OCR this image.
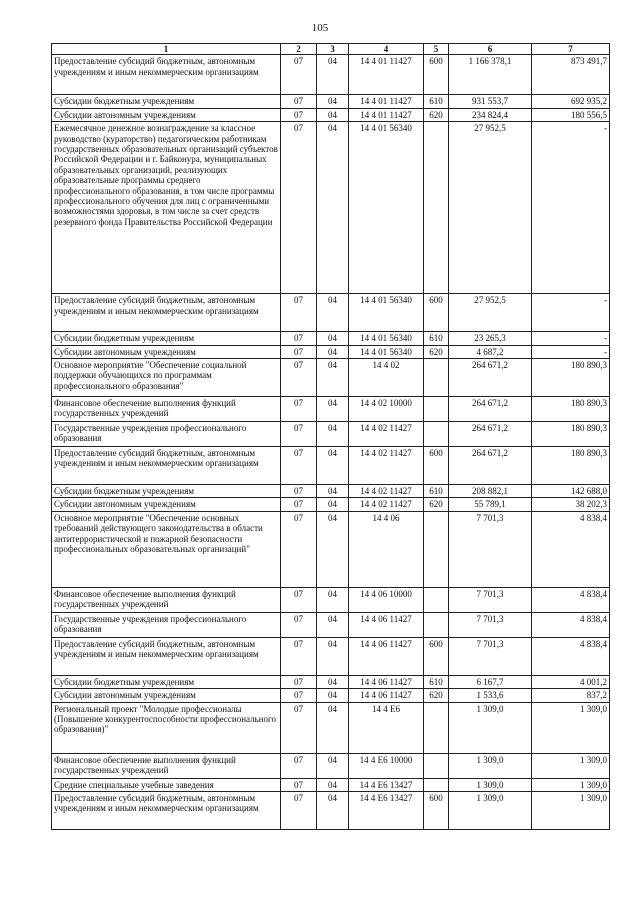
105
1	2	3	4	5	6	7
Предоставление субсидий бюджетным, автономным учреждениям и иным некоммерческим организациям	07	04	14 4 01 11427	600	1 166 378,1	873 491,7
Субсидии бюджетным учреждениям	07	04	14 4 01 11427	610	931 553,7	692 935,2
Субсидии автономным учреждениям	07	04	14 4 01 11427	620	234 824,4	180 556,5
Ежемесячное денежное вознаграждение за классное руководство (кураторство) педагогическим работникам государственных образовательных организаций субъектов Российской Федерации и г. Байконура, муниципальных образовательных организаций, реализующих образовательные программы среднего профессионального образования, в том числе программы профессионального обучения для лиц с ограниченными возможностями здоровья, в том числе за счет средств резервного фонда Правительства Российской Федерации	07	04	14 4 01 56340		27 952,5	-
Предоставление субсидий бюджетным, автономным учреждениям и иным некоммерческим организациям	07	04	14 4 01 56340	600	27 952,5	-
Субсидии бюджетным учреждениям	07	04	14 4 01 56340	610	23 265,3	-
Субсидии автономным учреждениям	07	04	14 4 01 56340	620	4 687,2	-
Основное мероприятие "Обеспечение социальной поддержки обучающихся по программам профессионального образования"	07	04	14 4 02		264 671,2	180 890,3
Финансовое обеспечение выполнения функций государственных учреждений	07	04	14 4 02 10000		264 671,2	180 890,3
Государственные учреждения профессионального образования	07	04	14 4 02 11427		264 671,2	180 890,3
Предоставление субсидий бюджетным, автономным учреждениям и иным некоммерческим организациям	07	04	14 4 02 11427	600	264 671,2	180 890,3
Субсидии бюджетным учреждениям	07	04	14 4 02 11427	610	208 882,1	142 688,0
Субсидии автономным учреждениям	07	04	14 4 02 11427	620	55 789,1	38 202,3
Основное мероприятие "Обеспечение основных требований действующего законодательства в области антитеррористической и пожарной безопасности профессиональных образовательных организаций"	07	04	14 4 06		7 701,3	4 838,4
Финансовое обеспечение выполнения функций государственных учреждений	07	04	14 4 06 10000		7 701,3	4 838,4
Государственные учреждения профессионального образования	07	04	14 4 06 11427		7 701,3	4 838,4
Предоставление субсидий бюджетным, автономным учреждениям и иным некоммерческим организациям	07	04	14 4 06 11427	600	7 701,3	4 838,4
Субсидии бюджетным учреждениям	07	04	14 4 06 11427	610	6 167,7	4 001,2
Субсидии автономным учреждениям	07	04	14 4 06 11427	620	1 533,6	837,2
Региональный проект "Молодые профессионалы (Повышение конкурентоспособности профессионального образования)"	07	04	14 4 E6		1 309,0	1 309,0
Финансовое обеспечение выполнения функций государственных учреждений	07	04	14 4 E6 10000		1 309,0	1 309,0
Средние специальные учебные заведения	07	04	14 4 E6 13427		1 309,0	1 309,0
Предоставление субсидий бюджетным, автономным учреждениям и иным некоммерческим организациям	07	04	14 4 E6 13427	600	1 309,0	1 309,0
